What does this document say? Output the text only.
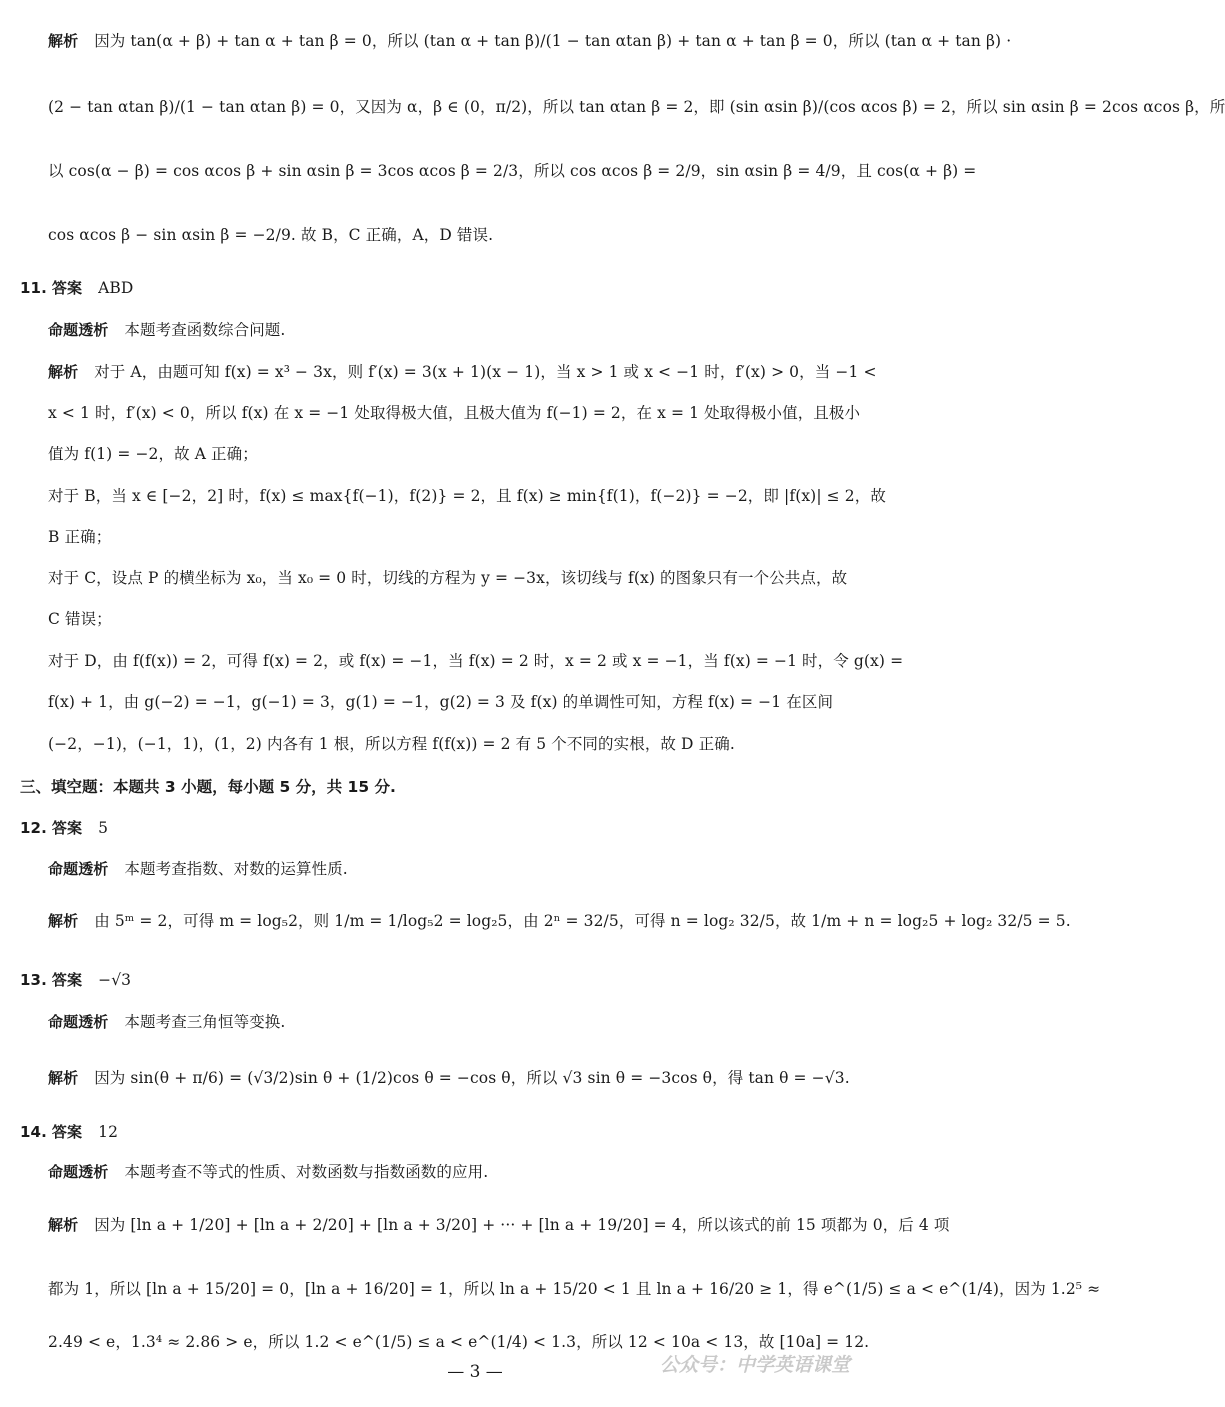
解析 因为 tan(α + β) + tan α + tan β = 0，所以 (tan α + tan β)/(1 − tan αtan β) + tan α + tan β = 0，所以 (tan α + tan β) ·
(2 − tan αtan β)/(1 − tan αtan β) = 0，又因为 α，β ∈ (0，π/2)，所以 tan αtan β = 2，即 (sin αsin β)/(cos αcos β) = 2，所以 sin αsin β = 2cos αcos β，所
以 cos(α − β) = cos αcos β + sin αsin β = 3cos αcos β = 2/3，所以 cos αcos β = 2/9，sin αsin β = 4/9，且 cos(α + β) =
cos αcos β − sin αsin β = −2/9. 故 B，C 正确，A，D 错误.
11. 答案 ABD
命题透析 本题考查函数综合问题.
解析 对于 A，由题可知 f(x) = x³ − 3x，则 f′(x) = 3(x + 1)(x − 1)，当 x > 1 或 x < −1 时，f′(x) > 0，当 −1 <
x < 1 时，f′(x) < 0，所以 f(x) 在 x = −1 处取得极大值，且极大值为 f(−1) = 2，在 x = 1 处取得极小值，且极小
值为 f(1) = −2，故 A 正确；
对于 B，当 x ∈ [−2，2] 时，f(x) ≤ max{f(−1)，f(2)} = 2，且 f(x) ≥ min{f(1)，f(−2)} = −2，即 |f(x)| ≤ 2，故
B 正确；
对于 C，设点 P 的横坐标为 x₀，当 x₀ = 0 时，切线的方程为 y = −3x，该切线与 f(x) 的图象只有一个公共点，故
C 错误；
对于 D，由 f(f(x)) = 2，可得 f(x) = 2，或 f(x) = −1，当 f(x) = 2 时，x = 2 或 x = −1，当 f(x) = −1 时，令 g(x) =
f(x) + 1，由 g(−2) = −1，g(−1) = 3，g(1) = −1，g(2) = 3 及 f(x) 的单调性可知，方程 f(x) = −1 在区间
(−2，−1)，(−1，1)，(1，2) 内各有 1 根，所以方程 f(f(x)) = 2 有 5 个不同的实根，故 D 正确.
三、填空题：本题共 3 小题，每小题 5 分，共 15 分.
12. 答案 5
命题透析 本题考查指数、对数的运算性质.
解析 由 5ᵐ = 2，可得 m = log₅2，则 1/m = 1/log₅2 = log₂5，由 2ⁿ = 32/5，可得 n = log₂ 32/5，故 1/m + n = log₂5 + log₂ 32/5 = 5.
13. 答案 −√3
命题透析 本题考查三角恒等变换.
解析 因为 sin(θ + π/6) = (√3/2)sin θ + (1/2)cos θ = −cos θ，所以 √3 sin θ = −3cos θ，得 tan θ = −√3.
14. 答案 12
命题透析 本题考查不等式的性质、对数函数与指数函数的应用.
解析 因为 [ln a + 1/20] + [ln a + 2/20] + [ln a + 3/20] + ··· + [ln a + 19/20] = 4，所以该式的前 15 项都为 0，后 4 项
都为 1，所以 [ln a + 15/20] = 0，[ln a + 16/20] = 1，所以 ln a + 15/20 < 1 且 ln a + 16/20 ≥ 1，得 e^(1/5) ≤ a < e^(1/4)，因为 1.2⁵ ≈
2.49 < e，1.3⁴ ≈ 2.86 > e，所以 1.2 < e^(1/5) ≤ a < e^(1/4) < 1.3，所以 12 < 10a < 13，故 [10a] = 12.
— 3 —	公众号：中学英语课堂
